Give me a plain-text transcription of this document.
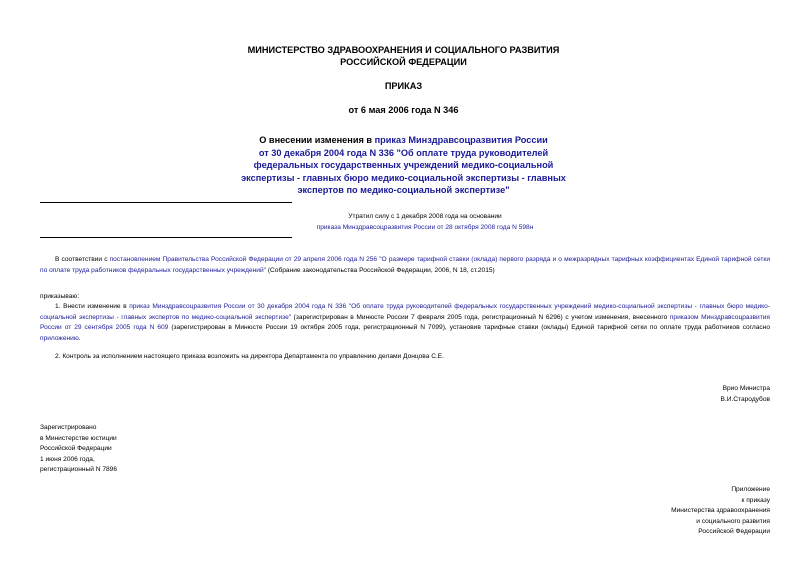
МИНИСТЕРСТВО ЗДРАВООХРАНЕНИЯ И СОЦИАЛЬНОГО РАЗВИТИЯ
РОССИЙСКОЙ ФЕДЕРАЦИИ
ПРИКАЗ
от 6 мая 2006 года N 346
О внесении изменения в приказ Минздравсоцразвития России
от 30 декабря 2004 года N 336 "Об оплате труда руководителей
федеральных государственных учреждений медико-социальной
экспертизы - главных бюро медико-социальной экспертизы - главных
экспертов по медико-социальной экспертизе"
Утратил силу с 1 декабря 2008 года на основании
приказа Минздравсоцразвития России от 28 октября 2008 года N 598н
В соответствии с постановлением Правительства Российской Федерации от 29 апреля 2006 года N 256 "О размере тарифной ставки (оклада) первого разряда и о межразрядных тарифных коэффициентах Единой тарифной сетки по оплате труда работников федеральных государственных учреждений" (Собрание законодательства Российской Федерации, 2006, N 18, ст.2015)
приказываю:
1. Внести изменение в приказ Минздравсоцразвития России от 30 декабря 2004 года N 336 "Об оплате труда руководителей федеральных государственных учреждений медико-социальной экспертизы - главных бюро медико-социальной экспертизы - главных экспертов по медико-социальной экспертизе" (зарегистрирован в Минюсте России 7 февраля 2005 года, регистрационный N 6296) с учетом изменения, внесенного приказом Минздравсоцразвития России от 29 сентября 2005 года N 609 (зарегистрирован в Минюсте России 19 октября 2005 года, регистрационный N 7099), установив тарифные ставки (оклады) Единой тарифной сетки по оплате труда работников согласно приложению.
2. Контроль за исполнением настоящего приказа возложить на директора Департамента по управлению делами Донцова С.Е.
Врио Министра
В.И.Стародубов
Зарегистрировано
в Министерстве юстиции
Российской Федерации
1 июня 2006 года,
регистрационный N 7896
Приложение
к приказу
Министерства здравоохранения
и социального развития
Российской Федерации
